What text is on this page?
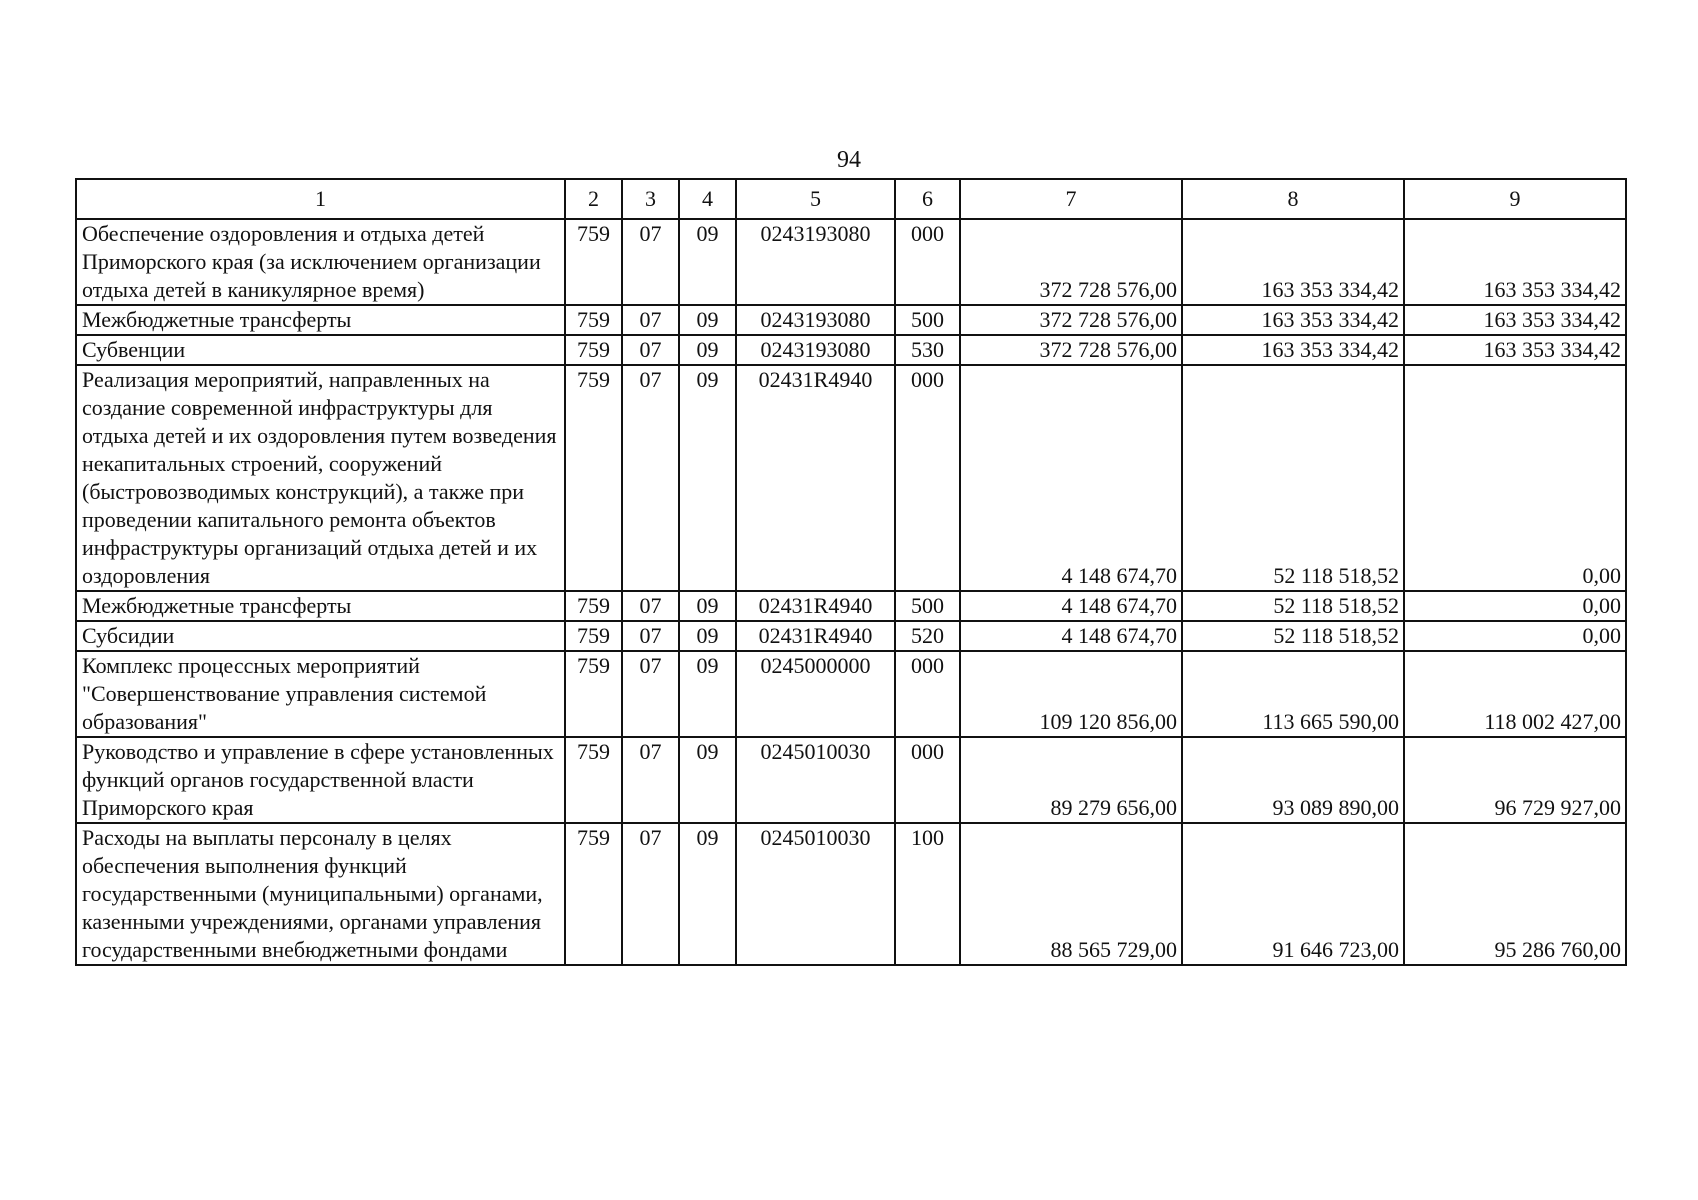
94
1	2	3	4	5	6	7	8	9
Обеспечение оздоровления и отдыха детей Приморского края (за исключением организации отдыха детей в каникулярное время)	759	07	09	0243193080	000	372 728 576,00	163 353 334,42	163 353 334,42
Межбюджетные трансферты	759	07	09	0243193080	500	372 728 576,00	163 353 334,42	163 353 334,42
Субвенции	759	07	09	0243193080	530	372 728 576,00	163 353 334,42	163 353 334,42
Реализация мероприятий, направленных на создание современной инфраструктуры для отдыха детей и их оздоровления путем возведения некапитальных строений, сооружений (быстровозводимых конструкций), а также при проведении капитального ремонта объектов инфраструктуры организаций отдыха детей и их оздоровления	759	07	09	02431R4940	000	4 148 674,70	52 118 518,52	0,00
Межбюджетные трансферты	759	07	09	02431R4940	500	4 148 674,70	52 118 518,52	0,00
Субсидии	759	07	09	02431R4940	520	4 148 674,70	52 118 518,52	0,00
Комплекс процессных мероприятий "Совершенствование управления системой образования"	759	07	09	0245000000	000	109 120 856,00	113 665 590,00	118 002 427,00
Руководство и управление в сфере установленных функций органов государственной власти Приморского края	759	07	09	0245010030	000	89 279 656,00	93 089 890,00	96 729 927,00
Расходы на выплаты персоналу в целях обеспечения выполнения функций государственными (муниципальными) органами, казенными учреждениями, органами управления государственными внебюджетными фондами	759	07	09	0245010030	100	88 565 729,00	91 646 723,00	95 286 760,00
